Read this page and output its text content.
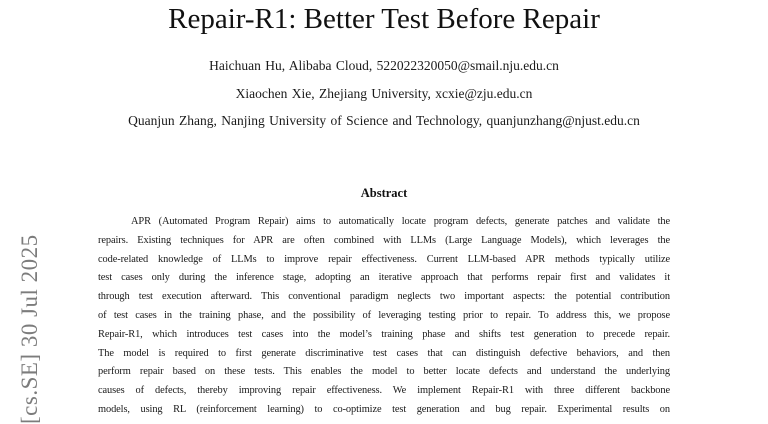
[cs.SE] 30 Jul 2025
Repair-R1: Better Test Before Repair
Haichuan Hu, Alibaba Cloud, 522022320050@smail.nju.edu.cn
Xiaochen Xie, Zhejiang University, xcxie@zju.edu.cn
Quanjun Zhang, Nanjing University of Science and Technology, quanjunzhang@njust.edu.cn
Abstract
APR (Automated Program Repair) aims to automatically locate program defects, generate patches and validate the
repairs. Existing techniques for APR are often combined with LLMs (Large Language Models), which leverages the
code-related knowledge of LLMs to improve repair effectiveness. Current LLM-based APR methods typically utilize
test cases only during the inference stage, adopting an iterative approach that performs repair first and validates it
through test execution afterward. This conventional paradigm neglects two important aspects: the potential contribution
of test cases in the training phase, and the possibility of leveraging testing prior to repair. To address this, we propose
Repair-R1, which introduces test cases into the model’s training phase and shifts test generation to precede repair.
The model is required to first generate discriminative test cases that can distinguish defective behaviors, and then
perform repair based on these tests. This enables the model to better locate defects and understand the underlying
causes of defects, thereby improving repair effectiveness. We implement Repair-R1 with three different backbone
models, using RL (reinforcement learning) to co-optimize test generation and bug repair. Experimental results on
